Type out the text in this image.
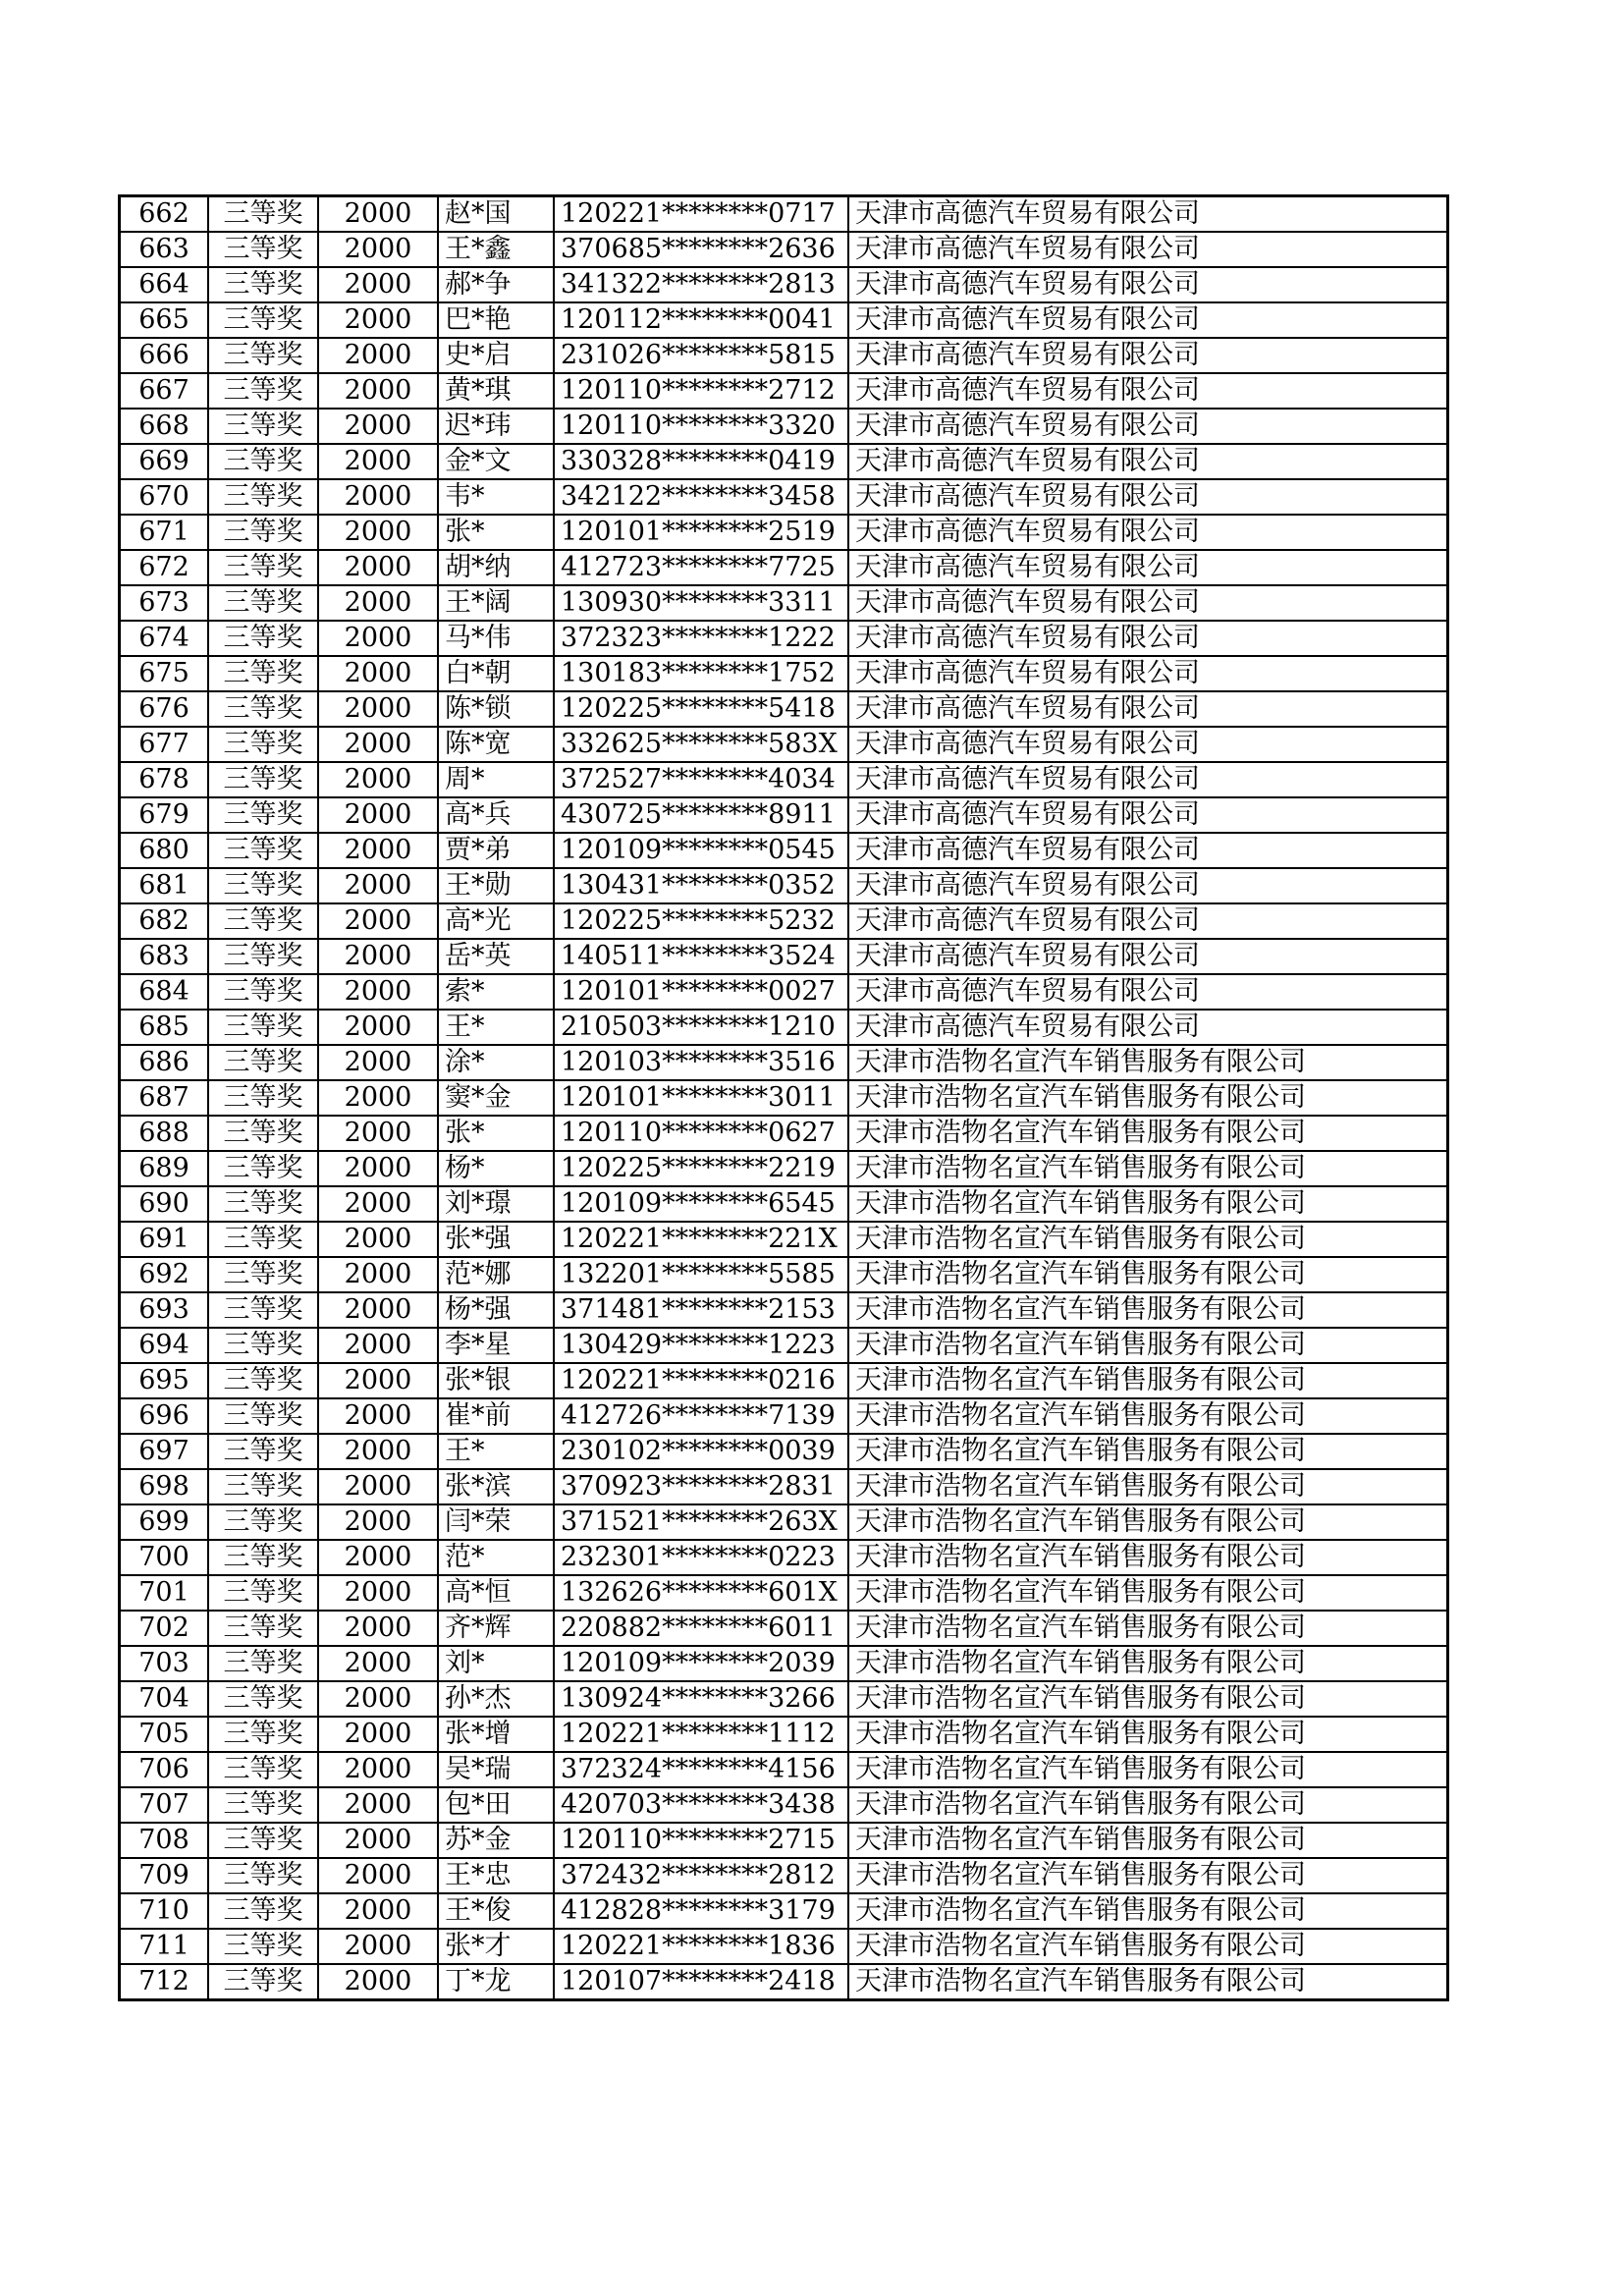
662	三等奖	2000	赵*国	120221********0717	天津市高德汽车贸易有限公司
663	三等奖	2000	王*鑫	370685********2636	天津市高德汽车贸易有限公司
664	三等奖	2000	郝*争	341322********2813	天津市高德汽车贸易有限公司
665	三等奖	2000	巴*艳	120112********0041	天津市高德汽车贸易有限公司
666	三等奖	2000	史*启	231026********5815	天津市高德汽车贸易有限公司
667	三等奖	2000	黄*琪	120110********2712	天津市高德汽车贸易有限公司
668	三等奖	2000	迟*玮	120110********3320	天津市高德汽车贸易有限公司
669	三等奖	2000	金*文	330328********0419	天津市高德汽车贸易有限公司
670	三等奖	2000	韦*	342122********3458	天津市高德汽车贸易有限公司
671	三等奖	2000	张*	120101********2519	天津市高德汽车贸易有限公司
672	三等奖	2000	胡*纳	412723********7725	天津市高德汽车贸易有限公司
673	三等奖	2000	王*阔	130930********3311	天津市高德汽车贸易有限公司
674	三等奖	2000	马*伟	372323********1222	天津市高德汽车贸易有限公司
675	三等奖	2000	白*朝	130183********1752	天津市高德汽车贸易有限公司
676	三等奖	2000	陈*锁	120225********5418	天津市高德汽车贸易有限公司
677	三等奖	2000	陈*宽	332625********583X	天津市高德汽车贸易有限公司
678	三等奖	2000	周*	372527********4034	天津市高德汽车贸易有限公司
679	三等奖	2000	高*兵	430725********8911	天津市高德汽车贸易有限公司
680	三等奖	2000	贾*弟	120109********0545	天津市高德汽车贸易有限公司
681	三等奖	2000	王*勋	130431********0352	天津市高德汽车贸易有限公司
682	三等奖	2000	高*光	120225********5232	天津市高德汽车贸易有限公司
683	三等奖	2000	岳*英	140511********3524	天津市高德汽车贸易有限公司
684	三等奖	2000	索*	120101********0027	天津市高德汽车贸易有限公司
685	三等奖	2000	王*	210503********1210	天津市高德汽车贸易有限公司
686	三等奖	2000	涂*	120103********3516	天津市浩物名宣汽车销售服务有限公司
687	三等奖	2000	窦*金	120101********3011	天津市浩物名宣汽车销售服务有限公司
688	三等奖	2000	张*	120110********0627	天津市浩物名宣汽车销售服务有限公司
689	三等奖	2000	杨*	120225********2219	天津市浩物名宣汽车销售服务有限公司
690	三等奖	2000	刘*璟	120109********6545	天津市浩物名宣汽车销售服务有限公司
691	三等奖	2000	张*强	120221********221X	天津市浩物名宣汽车销售服务有限公司
692	三等奖	2000	范*娜	132201********5585	天津市浩物名宣汽车销售服务有限公司
693	三等奖	2000	杨*强	371481********2153	天津市浩物名宣汽车销售服务有限公司
694	三等奖	2000	李*星	130429********1223	天津市浩物名宣汽车销售服务有限公司
695	三等奖	2000	张*银	120221********0216	天津市浩物名宣汽车销售服务有限公司
696	三等奖	2000	崔*前	412726********7139	天津市浩物名宣汽车销售服务有限公司
697	三等奖	2000	王*	230102********0039	天津市浩物名宣汽车销售服务有限公司
698	三等奖	2000	张*滨	370923********2831	天津市浩物名宣汽车销售服务有限公司
699	三等奖	2000	闫*荣	371521********263X	天津市浩物名宣汽车销售服务有限公司
700	三等奖	2000	范*	232301********0223	天津市浩物名宣汽车销售服务有限公司
701	三等奖	2000	高*恒	132626********601X	天津市浩物名宣汽车销售服务有限公司
702	三等奖	2000	齐*辉	220882********6011	天津市浩物名宣汽车销售服务有限公司
703	三等奖	2000	刘*	120109********2039	天津市浩物名宣汽车销售服务有限公司
704	三等奖	2000	孙*杰	130924********3266	天津市浩物名宣汽车销售服务有限公司
705	三等奖	2000	张*增	120221********1112	天津市浩物名宣汽车销售服务有限公司
706	三等奖	2000	吴*瑞	372324********4156	天津市浩物名宣汽车销售服务有限公司
707	三等奖	2000	包*田	420703********3438	天津市浩物名宣汽车销售服务有限公司
708	三等奖	2000	苏*金	120110********2715	天津市浩物名宣汽车销售服务有限公司
709	三等奖	2000	王*忠	372432********2812	天津市浩物名宣汽车销售服务有限公司
710	三等奖	2000	王*俊	412828********3179	天津市浩物名宣汽车销售服务有限公司
711	三等奖	2000	张*才	120221********1836	天津市浩物名宣汽车销售服务有限公司
712	三等奖	2000	丁*龙	120107********2418	天津市浩物名宣汽车销售服务有限公司
